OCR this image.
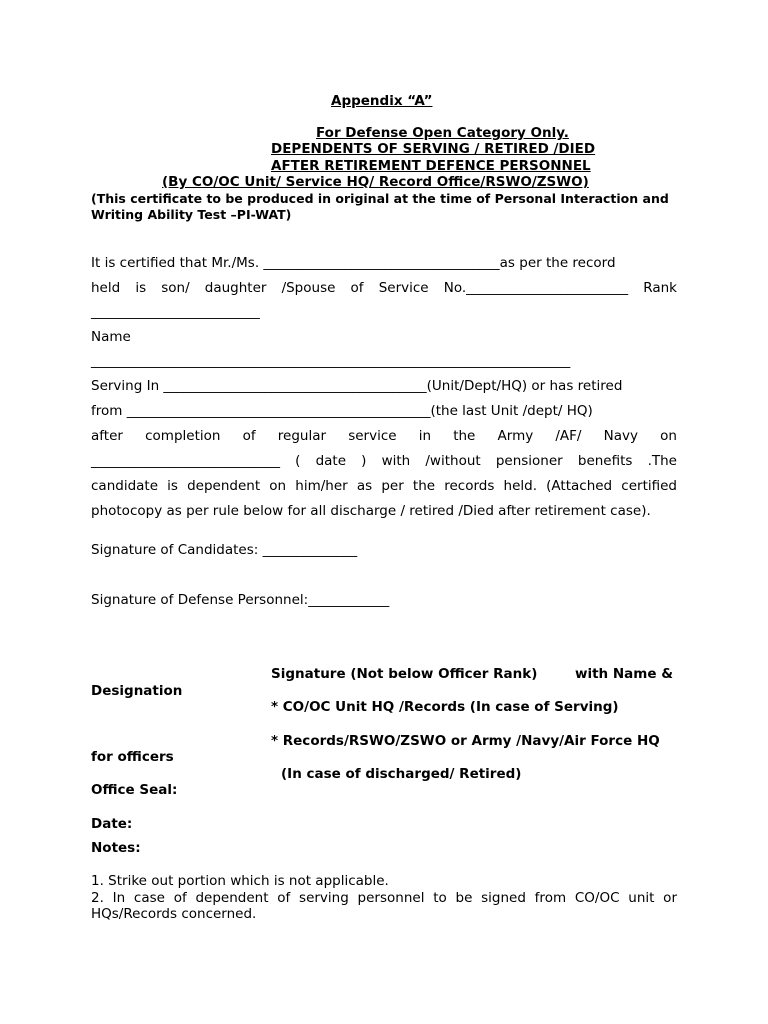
Appendix “A”
For Defense Open Category Only.
DEPENDENTS OF SERVING / RETIRED /DIED
AFTER RETIREMENT DEFENCE PERSONNEL
(By CO/OC Unit/ Service HQ/ Record Office/RSWO/ZSWO)
(This certificate to be produced in original at the time of Personal Interaction and
Writing Ability Test –PI-WAT)
It is certified that Mr./Ms. ___________________________________as per the record
held is son/ daughter /Spouse of Service No.________________________ Rank
_________________________
Name
_______________________________________________________________________
Serving In _______________________________________(Unit/Dept/HQ) or has retired
from _____________________________________________(the last Unit /dept/ HQ)
after completion of regular service in the Army /AF/ Navy on
____________________________ ( date ) with /without pensioner benefits .The
candidate is dependent on him/her as per the records held. (Attached certified
photocopy as per rule below for all discharge / retired /Died after retirement case).
Signature of Candidates: ______________
Signature of Defense Personnel:____________
Signature (Not below Officer Rank)	with Name &
Designation
* CO/OC Unit HQ /Records (In case of Serving)
* Records/RSWO/ZSWO or Army /Navy/Air Force HQ
for officers
(In case of discharged/ Retired)
Office Seal:
Date:
Notes:
1. Strike out portion which is not applicable.
2. In case of dependent of serving personnel to be signed from CO/OC unit or
HQs/Records concerned.
